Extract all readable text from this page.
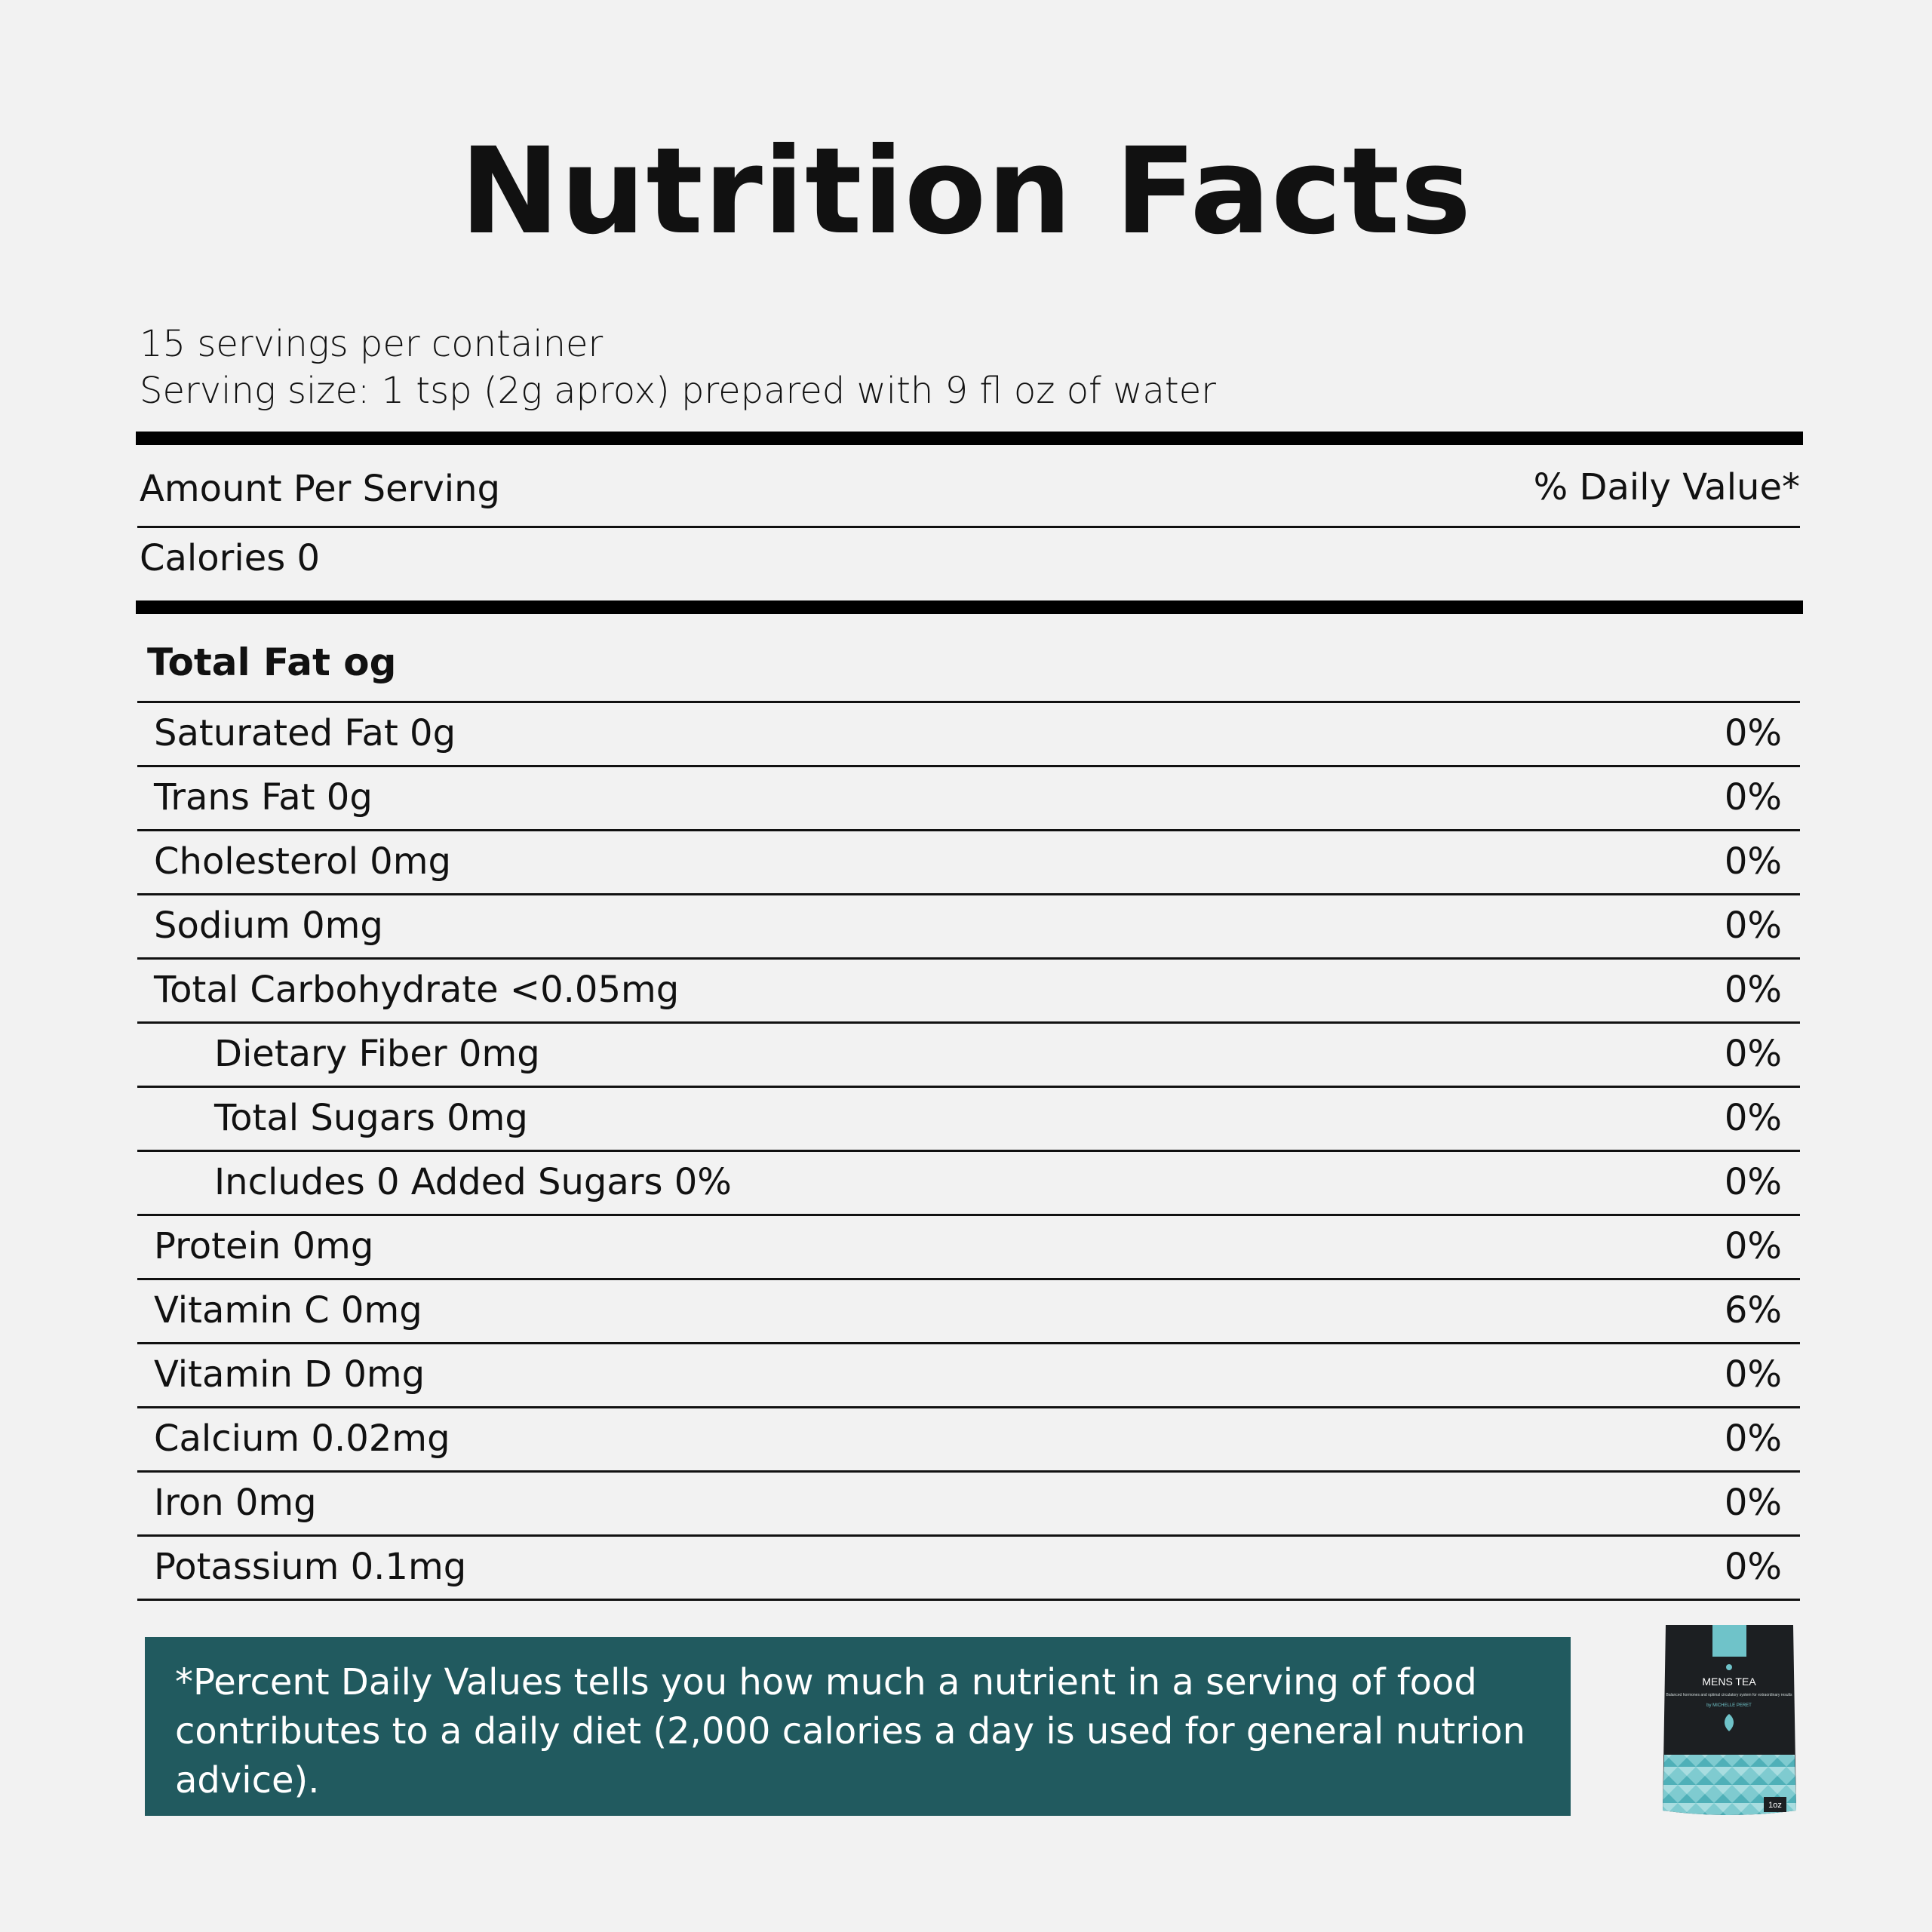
Nutrition Facts
15 servings per container
Serving size: 1 tsp (2g aprox) prepared with 9 fl oz of water
Amount Per Serving	% Daily Value*
Calories 0
Total Fat og
Saturated Fat 0g	0%
Trans Fat 0g	0%
Cholesterol 0mg	0%
Sodium 0mg	0%
Total Carbohydrate <0.05mg	0%
Dietary Fiber 0mg	0%
Total Sugars 0mg	0%
Includes 0 Added Sugars 0%	0%
Protein 0mg	0%
Vitamin C 0mg	6%
Vitamin D 0mg	0%
Calcium 0.02mg	0%
Iron 0mg	0%
Potassium 0.1mg	0%
*Percent Daily Values tells you how much a nutrient in a serving of food contributes to a daily diet (2,000 calories a day is used for general nutrion advice).
MENS TEA
Balanced hormones and optimal circulatory system for extraordinary results
by MICHELLE PERET
1oz
